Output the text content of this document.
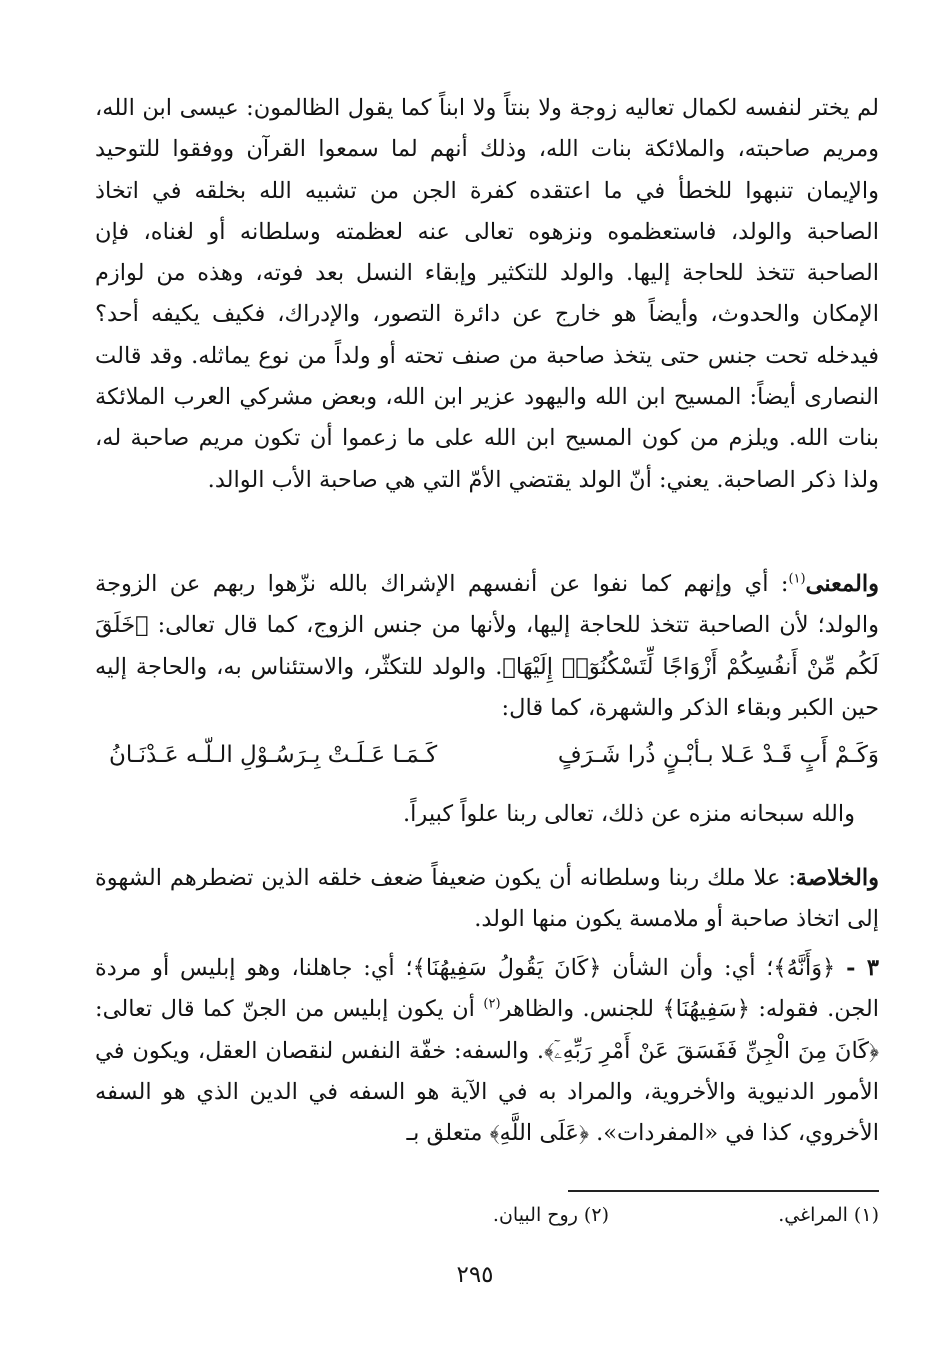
لم يختر لنفسه لكمال تعاليه زوجة ولا بنتاً ولا ابناً كما يقول الظالمون: عيسى ابن الله، ومريم صاحبته، والملائكة بنات الله، وذلك أنهم لما سمعوا القرآن ووفقوا للتوحيد والإيمان تنبهوا للخطأ في ما اعتقده كفرة الجن من تشبيه الله بخلقه في اتخاذ الصاحبة والولد، فاستعظموه ونزهوه تعالى عنه لعظمته وسلطانه أو لغناه، فإن الصاحبة تتخذ للحاجة إليها. والولد للتكثير وإبقاء النسل بعد فوته، وهذه من لوازم الإمكان والحدوث، وأيضاً هو خارج عن دائرة التصور، والإدراك، فكيف يكيفه أحد؟ فيدخله تحت جنس حتى يتخذ صاحبة من صنف تحته أو ولداً من نوع يماثله. وقد قالت النصارى أيضاً: المسيح ابن الله واليهود عزير ابن الله، وبعض مشركي العرب الملائكة بنات الله. ويلزم من كون المسيح ابن الله على ما زعموا أن تكون مريم صاحبة له، ولذا ذكر الصاحبة. يعني: أنّ الولد يقتضي الأمّ التي هي صاحبة الأب الوالد.

والمعنى$^{(١)}$: أي وإنهم كما نفوا عن أنفسهم الإشراك بالله نزّهوا ربهم عن الزوجة والولد؛ لأن الصاحبة تتخذ للحاجة إليها، ولأنها من جنس الزوج، كما قال تعالى: ﴿خَلَقَ لَكُم مِّنْ أَنفُسِكُمْ أَزْوَاجًا لِّتَسْكُنُوٓا۟ إِلَيْهَا﴾. والولد للتكثّر، والاستئناس به، والحاجة إليه حين الكبر وبقاء الذكر والشهرة، كما قال:

وَكَـمْ أَبٍ قَـدْ عَـلا بـأبْـنٍ ذُرا شَـرَفٍ
كَـمَـا عَـلَـتْ بِـرَسُـوْلِ الـلّـه عَـدْنَـانُ
والله سبحانه منزه عن ذلك، تعالى ربنا علواً كبيراً.

والخلاصة: علا ملك ربنا وسلطانه أن يكون ضعيفاً ضعف خلقه الذين تضطرهم الشهوة إلى اتخاذ صاحبة أو ملامسة يكون منها الولد.

٣ - ﴿وَأَنَّهُ﴾؛ أي: وأن الشأن ﴿كَانَ يَقُولُ سَفِيهُنَا﴾؛ أي: جاهلنا، وهو إبليس أو مردة الجن. فقوله: ﴿سَفِيهُنَا﴾ للجنس. والظاهر$^{(٢)}$ أن يكون إبليس من الجنّ كما قال تعالى: ﴿كَانَ مِنَ الْجِنِّ فَفَسَقَ عَنْ أَمْرِ رَبِّهِۦٓ﴾. والسفه: خفّة النفس لنقصان العقل، ويكون في الأمور الدنيوية والأخروية، والمراد به في الآية هو السفه في الدين الذي هو السفه الأخروي، كذا في «المفردات». ﴿عَلَى اللَّهِ﴾ متعلق بـ

(١) المراغي.
(٢) روح البيان.
٢٩٥
